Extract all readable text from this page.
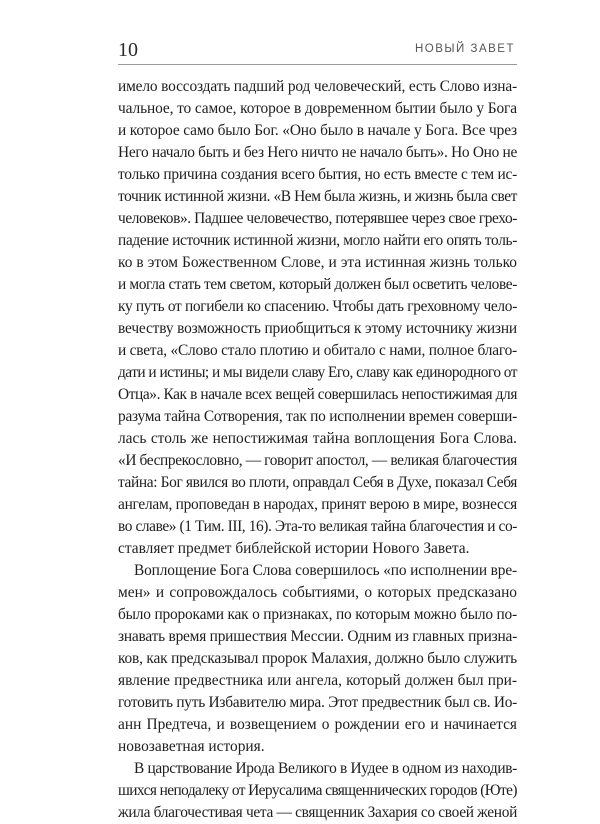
10	НОВЫЙ ЗАВЕТ

имело воссоздать падший род человеческий, есть Слово изна-
чальное, то самое, которое в довременном бытии было у Бога
и которое само было Бог. «Оно было в начале у Бога. Все чрез
Него начало быть и без Него ничто не начало быть». Но Оно не
только причина создания всего бытия, но есть вместе с тем ис-
точник истинной жизни. «В Нем была жизнь, и жизнь была свет
человеков». Падшее человечество, потерявшее через свое грехо-
падение источник истинной жизни, могло найти его опять толь-
ко в этом Божественном Слове, и эта истинная жизнь только
и могла стать тем светом, который должен был осветить челове-
ку путь от погибели ко спасению. Чтобы дать греховному чело-
вечеству возможность приобщиться к этому источнику жизни
и света, «Слово стало плотию и обитало с нами, полное благо-
дати и истины; и мы видели славу Его, славу как единородного от
Отца». Как в начале всех вещей совершилась непостижимая для
разума тайна Сотворения, так по исполнении времен соверши-
лась столь же непостижимая тайна воплощения Бога Слова.
«И беспрекословно, — говорит апостол, — великая благочестия
тайна: Бог явился во плоти, оправдал Себя в Духе, показал Себя
ангелам, проповедан в народах, принят верою в мире, вознесся
во славе» (1 Тим. III, 16). Эта-то великая тайна благочестия и со-
ставляет предмет библейской истории Нового Завета.

Воплощение Бога Слова совершилось «по исполнении вре-
мен» и сопровождалось событиями, о которых предсказано
было пророками как о признаках, по которым можно было по-
знавать время пришествия Мессии. Одним из главных призна-
ков, как предсказывал пророк Малахия, должно было служить
явление предвестника или ангела, который должен был при-
готовить путь Избавителю мира. Этот предвестник был св. Ио-
анн Предтеча, и возвещением о рождении его и начинается
новозаветная история.

В царствование Ирода Великого в Иудее в одном из находив-
шихся неподалеку от Иерусалима священнических городов (Юте)
жила благочестивая чета — священник Захария со своей женой
